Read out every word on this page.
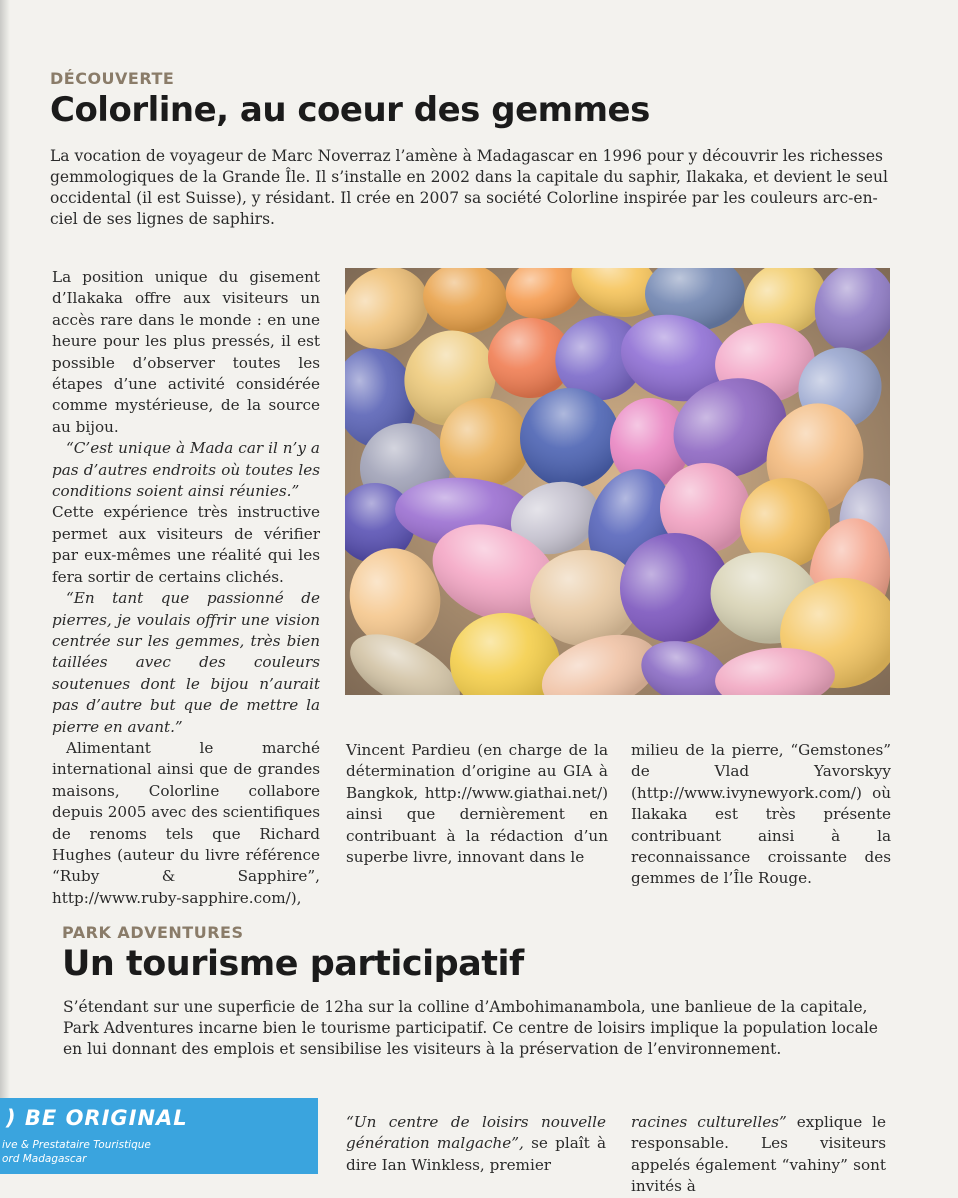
DÉCOUVERTE
Colorline, au coeur des gemmes
La vocation de voyageur de Marc Noverraz l’amène à Madagascar en 1996 pour y découvrir les richesses gemmologiques de la Grande Île. Il s’installe en 2002 dans la capitale du saphir, Ilakaka, et devient le seul occidental (il est Suisse), y résidant. Il crée en 2007 sa société Colorline inspirée par les couleurs arc-en-ciel de ses lignes de saphirs.

La position unique du gisement d’Ilakaka offre aux visiteurs un accès rare dans le monde : en une heure pour les plus pressés, il est possible d’observer toutes les étapes d’une activité considérée comme mystérieuse, de la source au bijou.

“C’est unique à Mada car il n’y a pas d’autres endroits où toutes les conditions soient ainsi réunies.”

Cette expérience très instructive permet aux visiteurs de vérifier par eux-mêmes une réalité qui les fera sortir de certains clichés.

“En tant que passionné de pierres, je voulais offrir une vision centrée sur les gemmes, très bien taillées avec des couleurs soutenues dont le bijou n’aurait pas d’autre but que de mettre la pierre en avant.”

Alimentant le marché international ainsi que de grandes maisons, Colorline collabore depuis 2005 avec des scientifiques de renoms tels que Richard Hughes (auteur du livre référence “Ruby & Sapphire”, http://www.ruby-sapphire.com/),

Vincent Pardieu (en charge de la détermination d’origine au GIA à Bangkok, http://www.giathai.net/) ainsi que dernièrement en contribuant à la rédaction d’un superbe livre, innovant dans le
milieu de la pierre, “Gemstones” de Vlad Yavorskyy (http://www.ivynewyork.com/) où Ilakaka est très présente contribuant ainsi à la reconnaissance croissante des gemmes de l’Île Rouge.
PARK ADVENTURES
Un tourisme participatif
S’étendant sur une superficie de 12ha sur la colline d’Ambohimanambola, une banlieue de la capitale, Park Adventures incarne bien le tourisme participatif. Ce centre de loisirs implique la population locale en lui donnant des emplois et sensibilise les visiteurs à la préservation de l’environnement.
“Un centre de loisirs nouvelle génération malgache”, se plaît à dire Ian Winkless, premier
racines culturelles” explique le responsable. Les visiteurs appelés également “vahiny” sont invités à
) BE ORIGINAL
ive & Prestataire Touristique
ord Madagascar
